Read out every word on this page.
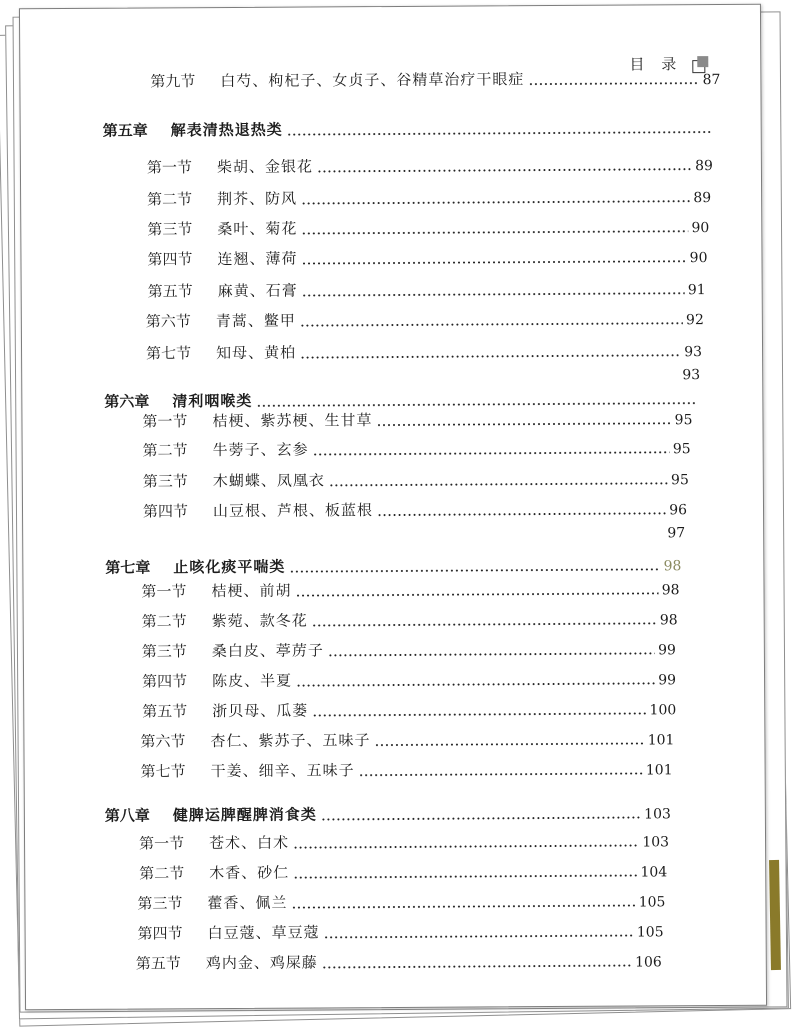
目 录
第九节	白芍、枸杞子、女贞子、谷精草治疗干眼症	87
第五章	解表清热退热类
第一节	柴胡、金银花	89
第二节	荆芥、防风	89
第三节	桑叶、菊花	90
第四节	连翘、薄荷	90
第五节	麻黄、石膏	91
第六节	青蒿、鳖甲	92
第七节	知母、黄柏	93
93
第六章	清利咽喉类
第一节	桔梗、紫苏梗、生甘草	95
第二节	牛蒡子、玄参	95
第三节	木蝴蝶、凤凰衣	95
第四节	山豆根、芦根、板蓝根	96
97
第七章	止咳化痰平喘类	98
第一节	桔梗、前胡	98
第二节	紫菀、款冬花	98
第三节	桑白皮、葶苈子	99
第四节	陈皮、半夏	99
第五节	浙贝母、瓜蒌	100
第六节	杏仁、紫苏子、五味子	101
第七节	干姜、细辛、五味子	101
第八章	健脾运脾醒脾消食类	103
第一节	苍术、白术	103
第二节	木香、砂仁	104
第三节	藿香、佩兰	105
第四节	白豆蔻、草豆蔻	105
第五节	鸡内金、鸡屎藤	106
